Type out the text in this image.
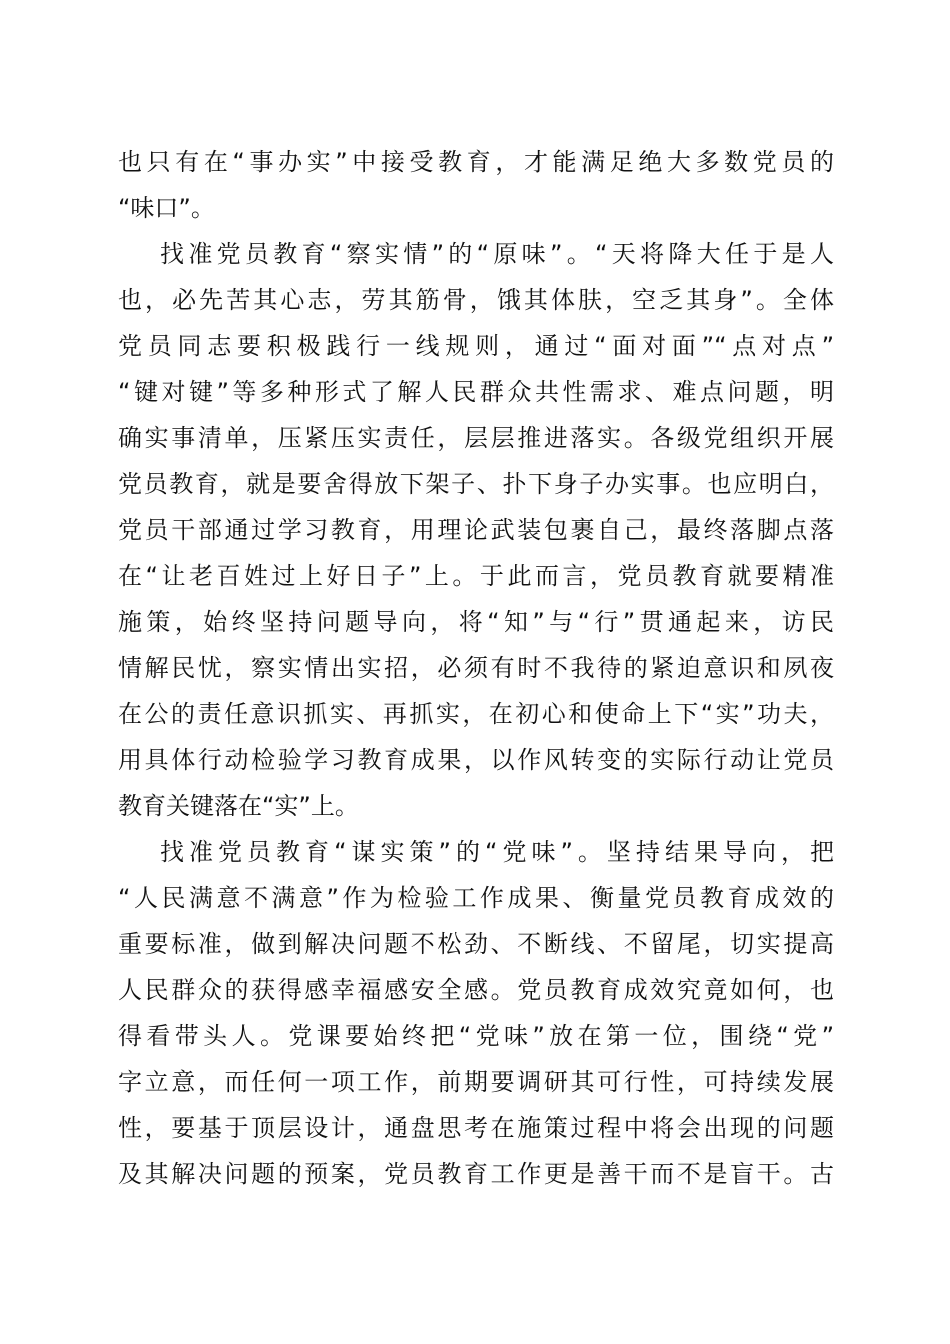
也只有在“事办实”中接受教育，才能满足绝大多数党员的
“味口”。
找准党员教育“察实情”的“原味”。“天将降大任于是人
也，必先苦其心志，劳其筋骨，饿其体肤，空乏其身”。全体
党员同志要积极践行一线规则，通过“面对面”“点对点”
“键对键”等多种形式了解人民群众共性需求、难点问题，明
确实事清单，压紧压实责任，层层推进落实。各级党组织开展
党员教育，就是要舍得放下架子、扑下身子办实事。也应明白，
党员干部通过学习教育，用理论武装包裹自己，最终落脚点落
在“让老百姓过上好日子”上。于此而言，党员教育就要精准
施策，始终坚持问题导向，将“知”与“行”贯通起来，访民
情解民忧，察实情出实招，必须有时不我待的紧迫意识和夙夜
在公的责任意识抓实、再抓实，在初心和使命上下“实”功夫，
用具体行动检验学习教育成果，以作风转变的实际行动让党员
教育关键落在“实”上。
找准党员教育“谋实策”的“党味”。坚持结果导向，把
“人民满意不满意”作为检验工作成果、衡量党员教育成效的
重要标准，做到解决问题不松劲、不断线、不留尾，切实提高
人民群众的获得感幸福感安全感。党员教育成效究竟如何，也
得看带头人。党课要始终把“党味”放在第一位，围绕“党”
字立意，而任何一项工作，前期要调研其可行性，可持续发展
性，要基于顶层设计，通盘思考在施策过程中将会出现的问题
及其解决问题的预案，党员教育工作更是善干而不是盲干。古
